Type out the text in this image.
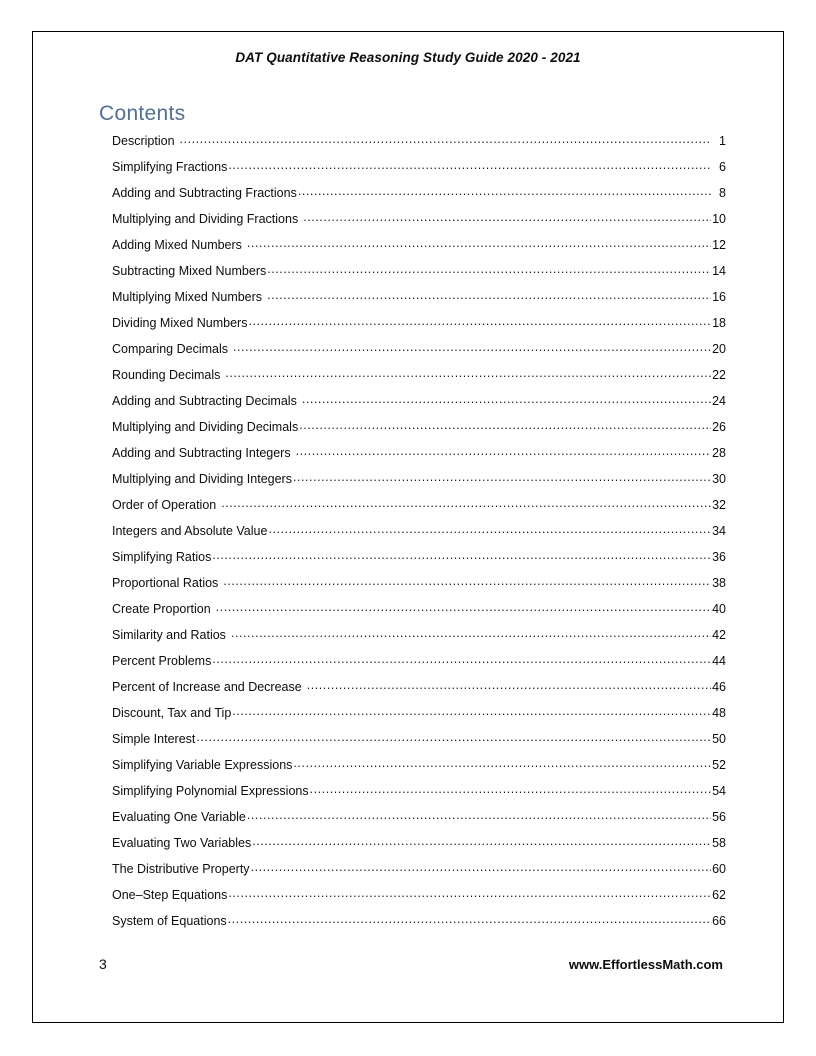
DAT Quantitative Reasoning Study Guide 2020 - 2021
Contents
Description .....	1
Simplifying Fractions .....	6
Adding and Subtracting Fractions .....	8
Multiplying and Dividing Fractions .....	10
Adding Mixed Numbers .....	12
Subtracting Mixed Numbers .....	14
Multiplying Mixed Numbers .....	16
Dividing Mixed Numbers .....	18
Comparing Decimals .....	20
Rounding Decimals .....	22
Adding and Subtracting Decimals .....	24
Multiplying and Dividing Decimals .....	26
Adding and Subtracting Integers .....	28
Multiplying and Dividing Integers .....	30
Order of Operation .....	32
Integers and Absolute Value .....	34
Simplifying Ratios .....	36
Proportional Ratios .....	38
Create Proportion .....	40
Similarity and Ratios .....	42
Percent Problems .....	44
Percent of Increase and Decrease .....	46
Discount, Tax and Tip .....	48
Simple Interest .....	50
Simplifying Variable Expressions .....	52
Simplifying Polynomial Expressions .....	54
Evaluating One Variable .....	56
Evaluating Two Variables .....	58
The Distributive Property .....	60
One–Step Equations .....	62
System of Equations .....	66
3	www.EffortlessMath.com
